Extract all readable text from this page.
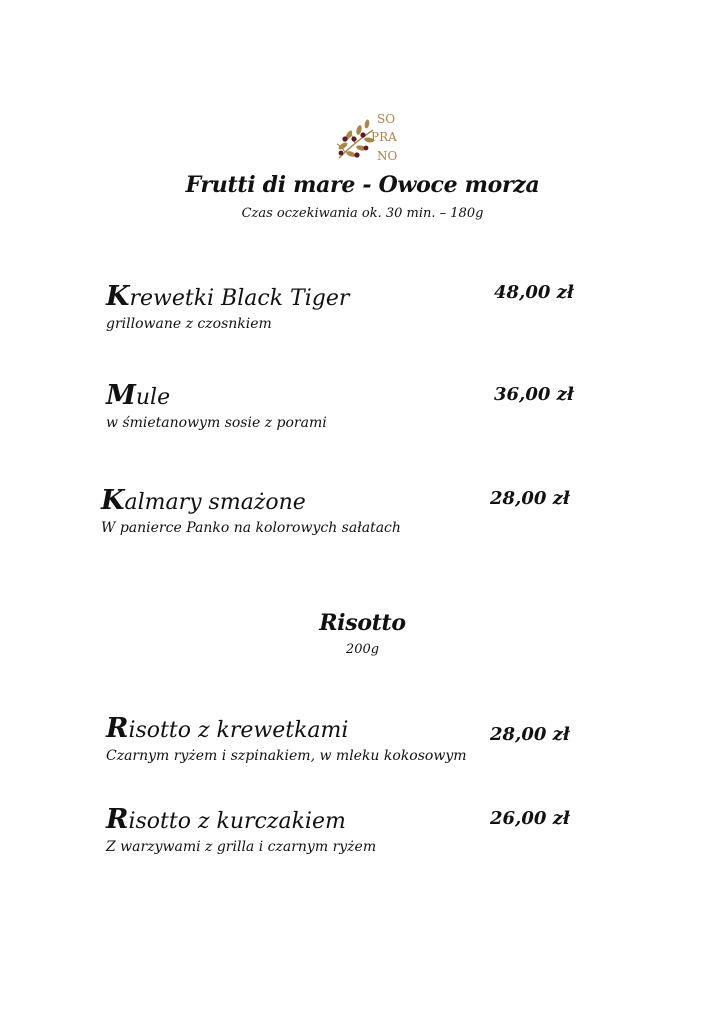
SO
PRA
NO
Frutti di mare - Owoce morza

Czas oczekiwania ok. 30 min. – 180g

Krewetki Black Tiger
grillowane z czosnkiem
48,00 zł
Mule
w śmietanowym sosie z porami
36,00 zł
Kalmary smażone
W panierce Panko na kolorowych sałatach
28,00 zł
Risotto

200g

Risotto z krewetkami
Czarnym ryżem i szpinakiem, w mleku kokosowym
28,00 zł
Risotto z kurczakiem
Z warzywami z grilla i czarnym ryżem
26,00 zł
